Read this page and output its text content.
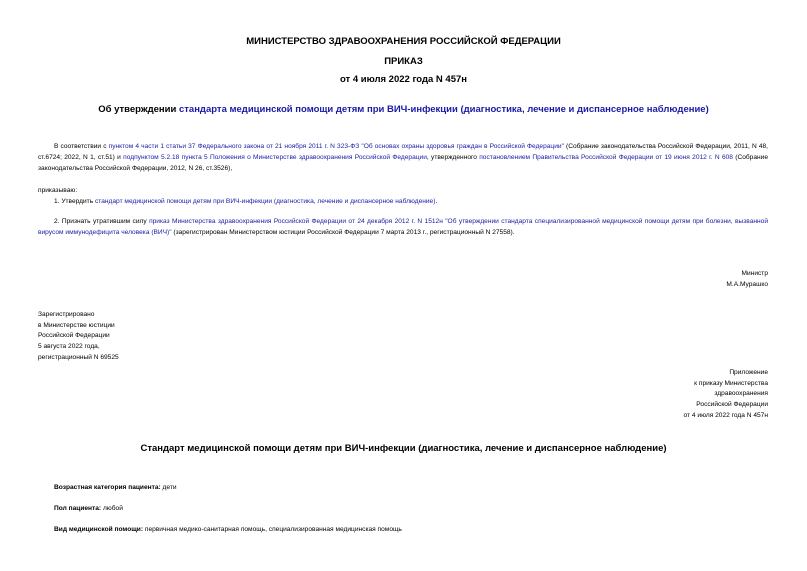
МИНИСТЕРСТВО ЗДРАВООХРАНЕНИЯ РОССИЙСКОЙ ФЕДЕРАЦИИ
ПРИКАЗ
от 4 июля 2022 года N 457н
Об утверждении стандарта медицинской помощи детям при ВИЧ-инфекции (диагностика, лечение и диспансерное наблюдение)
В соответствии с пунктом 4 части 1 статьи 37 Федерального закона от 21 ноября 2011 г. N 323-ФЗ "Об основах охраны здоровья граждан в Российской Федерации" (Собрание законодательства Российской Федерации, 2011, N 48, ст.6724; 2022, N 1, ст.51) и подпунктом 5.2.18 пункта 5 Положения о Министерстве здравоохранения Российской Федерации, утвержденного постановлением Правительства Российской Федерации от 19 июня 2012 г. N 608 (Собрание законодательства Российской Федерации, 2012, N 26, ст.3526),
приказываю:
1. Утвердить стандарт медицинской помощи детям при ВИЧ-инфекции (диагностика, лечение и диспансерное наблюдение).
2. Признать утратившим силу приказ Министерства здравоохранения Российской Федерации от 24 декабря 2012 г. N 1512н "Об утверждении стандарта специализированной медицинской помощи детям при болезни, вызванной вирусом иммунодефицита человека (ВИЧ)" (зарегистрирован Министерством юстиции Российской Федерации 7 марта 2013 г., регистрационный N 27558).
Министр
М.А.Мурашко
Зарегистрировано
в Министерстве юстиции
Российской Федерации
5 августа 2022 года,
регистрационный N 69525
Приложение
к приказу Министерства
здравоохранения
Российской Федерации
от 4 июля 2022 года N 457н
Стандарт медицинской помощи детям при ВИЧ-инфекции (диагностика, лечение и диспансерное наблюдение)
Возрастная категория пациента: дети
Пол пациента: любой
Вид медицинской помощи: первичная медико-санитарная помощь, специализированная медицинская помощь
